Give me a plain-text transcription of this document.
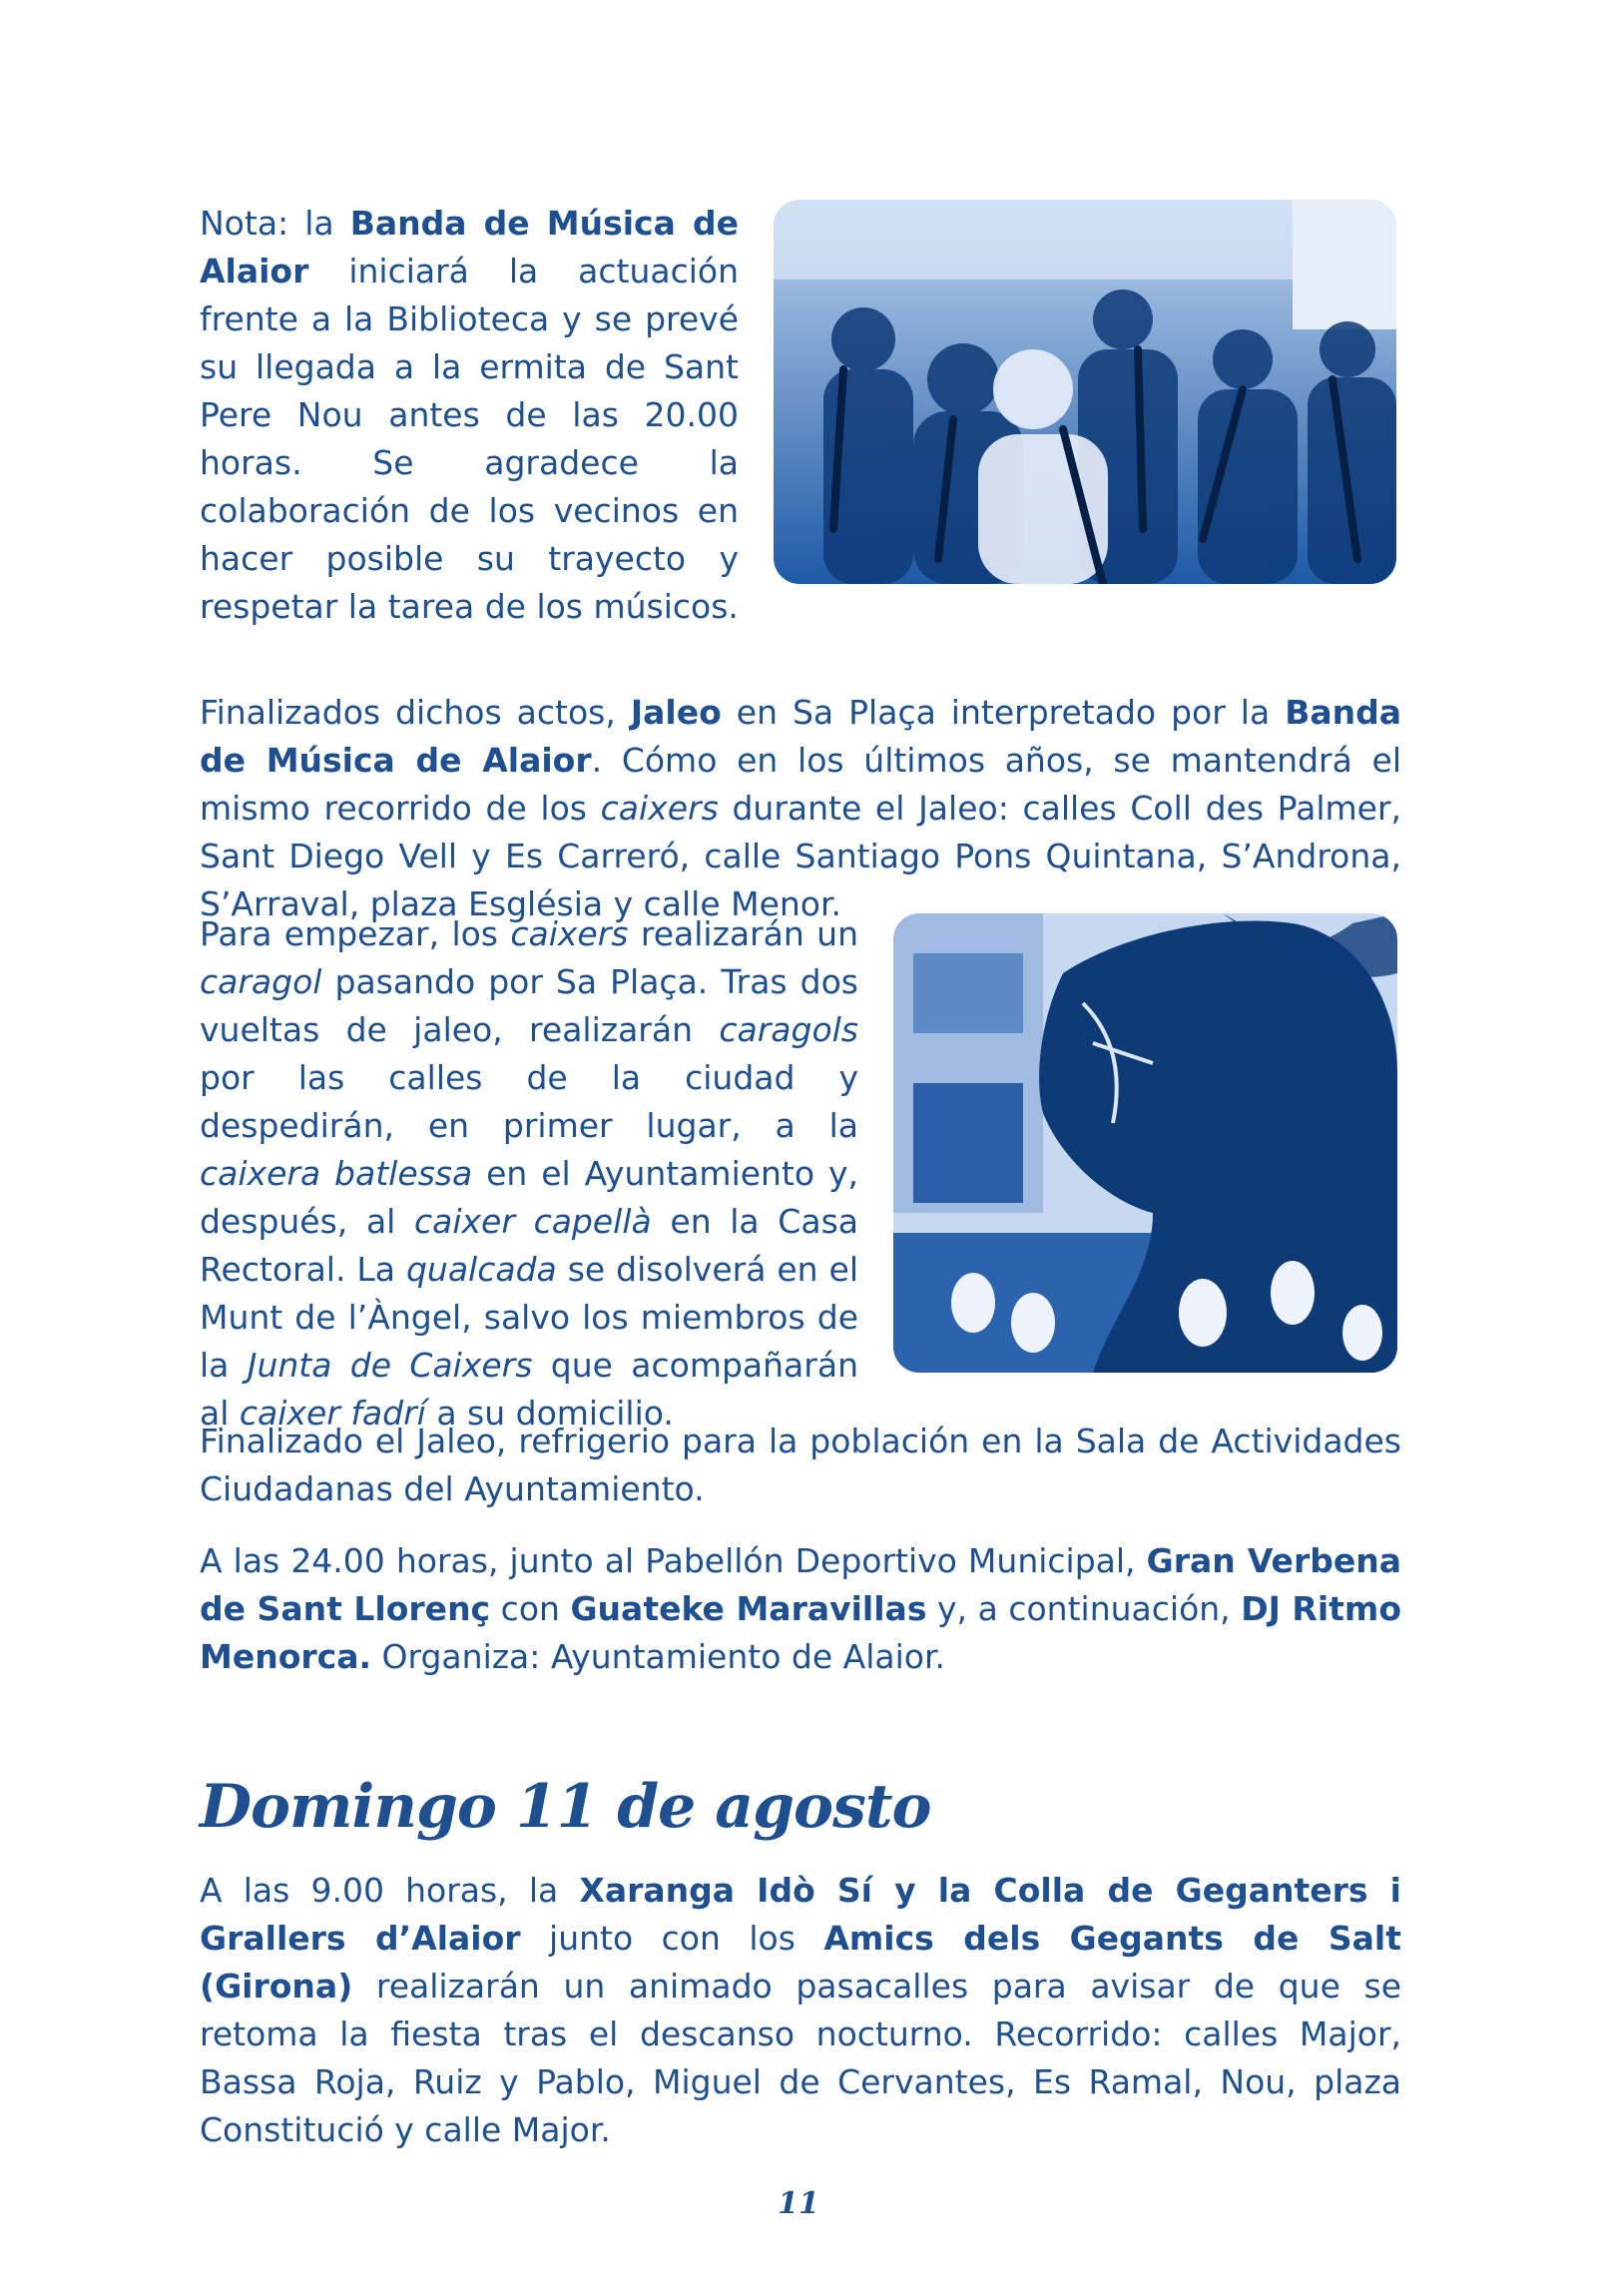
Nota: la Banda de Música de Alaior iniciará la actuación frente a la Biblioteca y se prevé su llegada a la ermita de Sant Pere Nou antes de las 20.00 horas. Se agradece la colaboración de los vecinos en hacer posible su trayecto y respetar la tarea de los músicos.

Finalizados dichos actos, Jaleo en Sa Plaça interpretado por la Banda de Música de Alaior. Cómo en los últimos años, se mantendrá el mismo recorrido de los caixers durante el Jaleo: calles Coll des Palmer, Sant Diego Vell y Es Carreró, calle Santiago Pons Quintana, S’Androna, S’Arraval, plaza Església y calle Menor.

Para empezar, los caixers realizarán un caragol pasando por Sa Plaça. Tras dos vueltas de jaleo, realizarán caragols por las calles de la ciudad y despedirán, en primer lugar, a la caixera batlessa en el Ayuntamiento y, después, al caixer capellà en la Casa Rectoral. La qualcada se disolverá en el Munt de l’Àngel, salvo los miembros de la Junta de Caixers que acompañarán al caixer fadrí a su domicilio.

Finalizado el Jaleo, refrigerio para la población en la Sala de Actividades Ciudadanas del Ayuntamiento.

A las 24.00 horas, junto al Pabellón Deportivo Municipal, Gran Verbena de Sant Llorenç con Guateke Maravillas y, a continuación, DJ Ritmo Menorca. Organiza: Ayuntamiento de Alaior.

Domingo 11 de agosto

A las 9.00 horas, la Xaranga Idò Sí y la Colla de Geganters i Grallers d’Alaior junto con los Amics dels Gegants de Salt (Girona) realizarán un animado pasacalles para avisar de que se retoma la fiesta tras el descanso nocturno. Recorrido: calles Major, Bassa Roja, Ruiz y Pablo, Miguel de Cervantes, Es Ramal, Nou, plaza Constitució y calle Major.

11
